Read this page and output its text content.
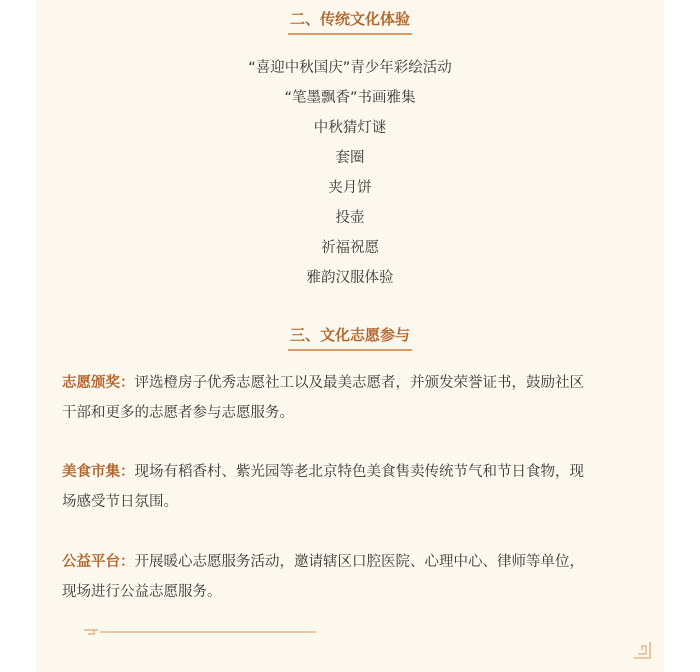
二、传统文化体验
“喜迎中秋国庆”青少年彩绘活动
“笔墨飘香”书画雅集
中秋猜灯谜
套圈
夹月饼
投壶
祈福祝愿
雅韵汉服体验
三、文化志愿参与

志愿颁奖：评选橙房子优秀志愿社工以及最美志愿者，并颁发荣誉证书，鼓励社区
干部和更多的志愿者参与志愿服务。

美食市集：现场有稻香村、紫光园等老北京特色美食售卖传统节气和节日食物，现
场感受节日氛围。

公益平台：开展暖心志愿服务活动，邀请辖区口腔医院、心理中心、律师等单位，
现场进行公益志愿服务。
